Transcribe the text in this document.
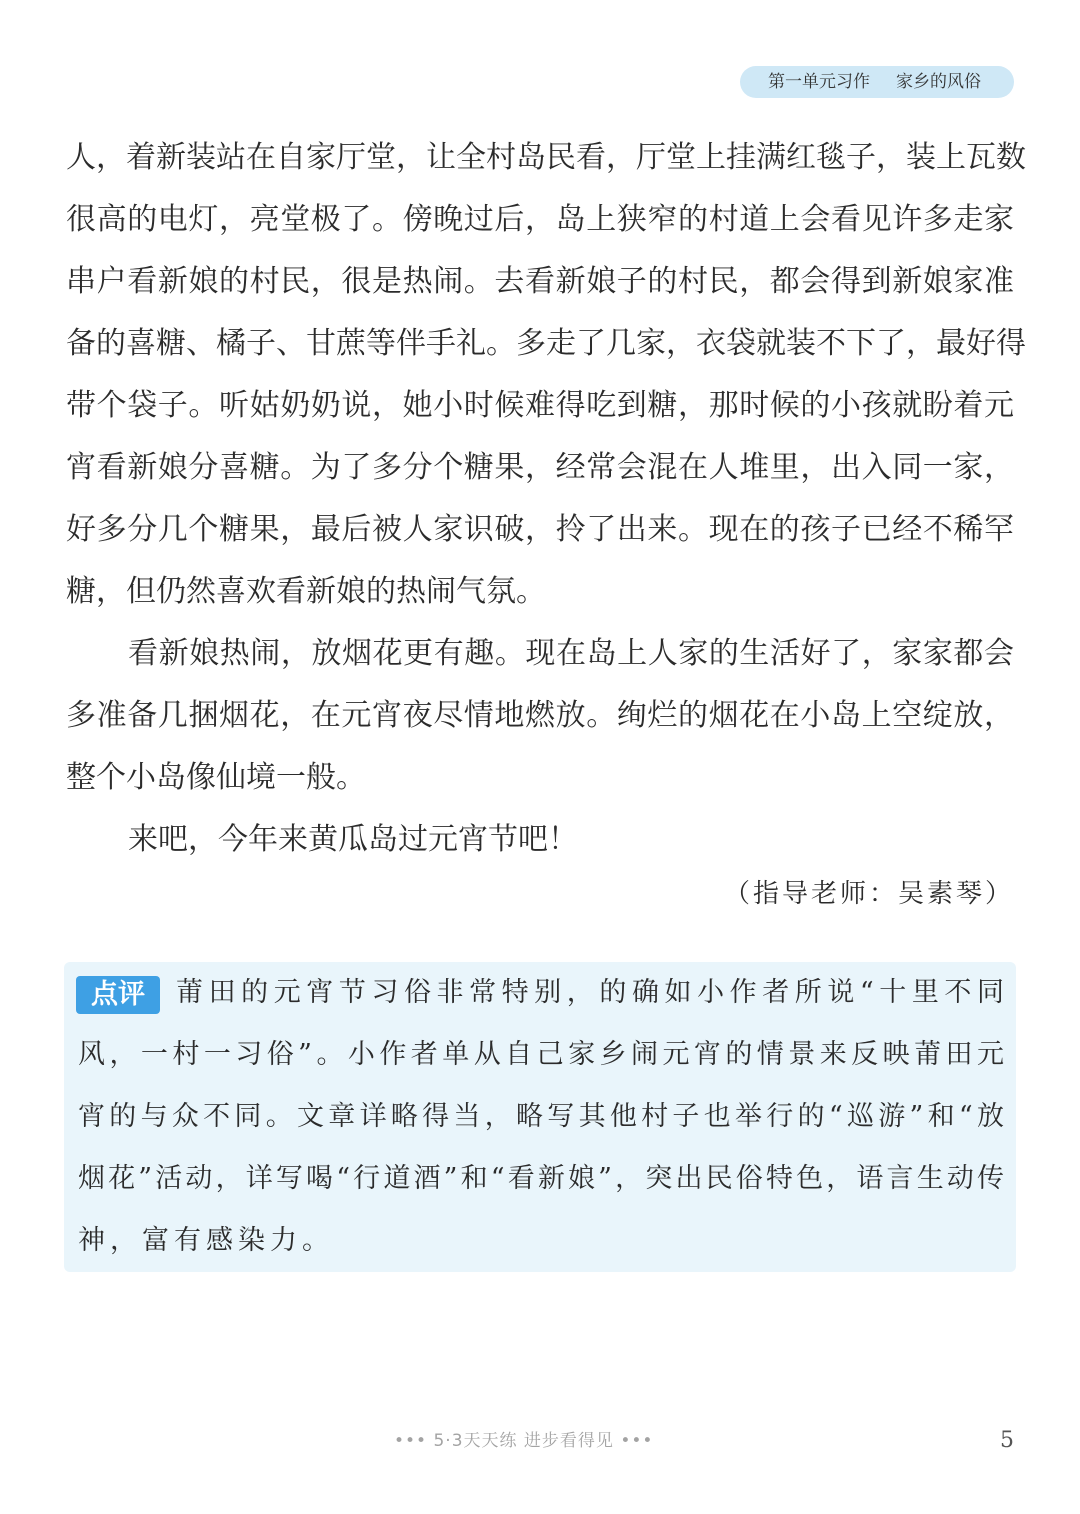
第一单元习作 家乡的风俗
人，着新装站在自家厅堂，让全村岛民看，厅堂上挂满红毯子，装上瓦数
很高的电灯，亮堂极了。傍晚过后，岛上狭窄的村道上会看见许多走家
串户看新娘的村民，很是热闹。去看新娘子的村民，都会得到新娘家准
备的喜糖、橘子、甘蔗等伴手礼。多走了几家，衣袋就装不下了，最好得
带个袋子。听姑奶奶说，她小时候难得吃到糖，那时候的小孩就盼着元
宵看新娘分喜糖。为了多分个糖果，经常会混在人堆里，出入同一家，
好多分几个糖果，最后被人家识破，拎了出来。现在的孩子已经不稀罕
糖，但仍然喜欢看新娘的热闹气氛。
看新娘热闹，放烟花更有趣。现在岛上人家的生活好了，家家都会
多准备几捆烟花，在元宵夜尽情地燃放。绚烂的烟花在小岛上空绽放，
整个小岛像仙境一般。
来吧，今年来黄瓜岛过元宵节吧！
（指导老师：吴素琴）
点评	莆田的元宵节习俗非常特别，的确如小作者所说“十里不同
风，一村一习俗”。小作者单从自己家乡闹元宵的情景来反映莆田元
宵的与众不同。文章详略得当，略写其他村子也举行的“巡游”和“放
烟花”活动，详写喝“行道酒”和“看新娘”，突出民俗特色，语言生动传
神，富有感染力。
••• 5·3天天练 进步看得见 •••	5
